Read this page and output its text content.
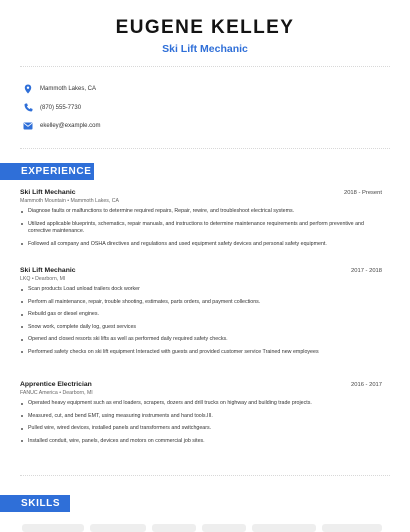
EUGENE KELLEY
Ski Lift Mechanic
Mammoth Lakes, CA
(870) 555-7730
ekelley@example.com
EXPERIENCE
Ski Lift Mechanic	2018 - Present
Mammoth Mountain • Mammoth Lakes, CA
Diagnose faults or malfunctions to determine required repairs, Repair, rewire, and troubleshoot electrical systems.
Utilized applicable blueprints, schematics, repair manuals, and instructions to determine maintenance requirements and perform preventive and corrective maintenance.
Followed all company and OSHA directives and regulations and used equipment safety devices and personal safety equipment.
Ski Lift Mechanic	2017 - 2018
LKQ • Dearborn, MI
Scan products Load unload trailers dock worker
Perform all maintenance, repair, trouble shooting, estimates, parts orders, and payment collections.
Rebuild gas or diesel engines.
Snow work, complete daily log, guest services
Opened and closed resorts ski lifts as well as performed daily required safety checks.
Performed safety checks on ski lift equipment Interacted with guests and provided customer service Trained new employees
Apprentice Electrician	2016 - 2017
FANUC America • Dearborn, MI
Operated heavy equipment such as end loaders, scrapers, dozers and drill trucks on highway and building trade projects.
Measured, cut, and bend EMT, using measuring instruments and hand tools.III.
Pulled wire, wired devices, installed panels and transformers and switchgears.
Installed conduit, wire, panels, devices and motors on commercial job sites.
SKILLS
